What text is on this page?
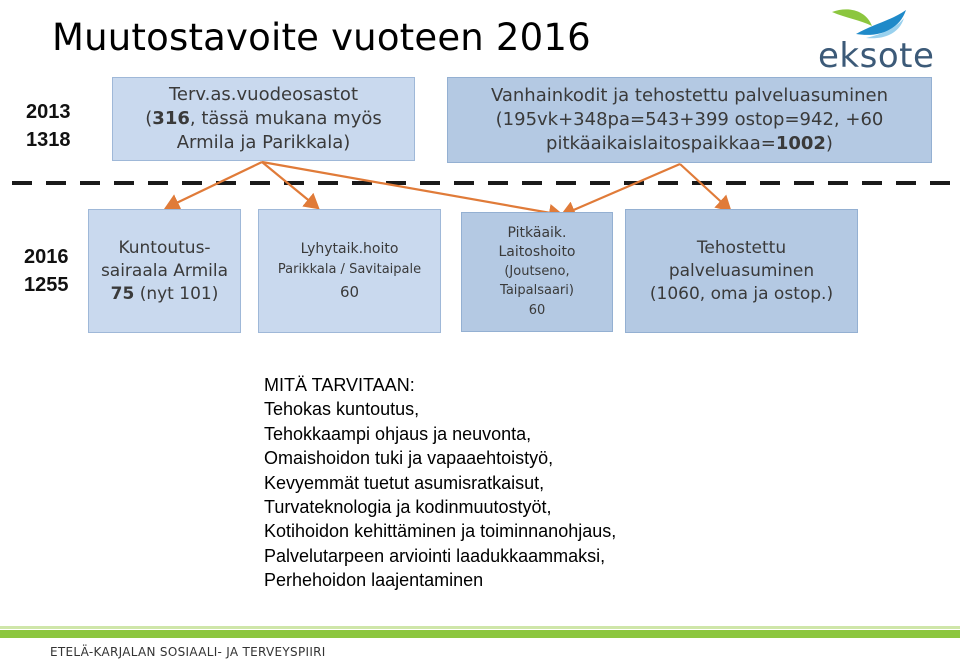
Muutostavoite vuoteen 2016	eksote
2013
1318
Terv.as.vuodeosastot
(316, tässä mukana myös
Armila ja Parikkala)
Vanhainkodit ja tehostettu palveluasuminen
(195vk+348pa=543+399 ostop=942, +60
pitkäaikaislaitospaikkaa=1002)
2016
1255
Kuntoutus-
sairaala Armila
75 (nyt 101)
Lyhytaik.hoito
Parikkala / Savitaipale
60
Pitkäaik.
Laitoshoito
(Joutseno,
Taipalsaari)
60
Tehostettu
palveluasuminen
(1060, oma ja ostop.)
MITÄ TARVITAAN:
Tehokas kuntoutus,
Tehokkaampi ohjaus ja neuvonta,
Omaishoidon tuki ja vapaaehtoistyö,
Kevyemmät tuetut asumisratkaisut,
Turvateknologia ja kodinmuutostyöt,
Kotihoidon kehittäminen ja toiminnanohjaus,
Palvelutarpeen arviointi laadukkaammaksi,
Perhehoidon laajentaminen
ETELÄ-KARJALAN SOSIAALI- JA TERVEYSPIIRI
